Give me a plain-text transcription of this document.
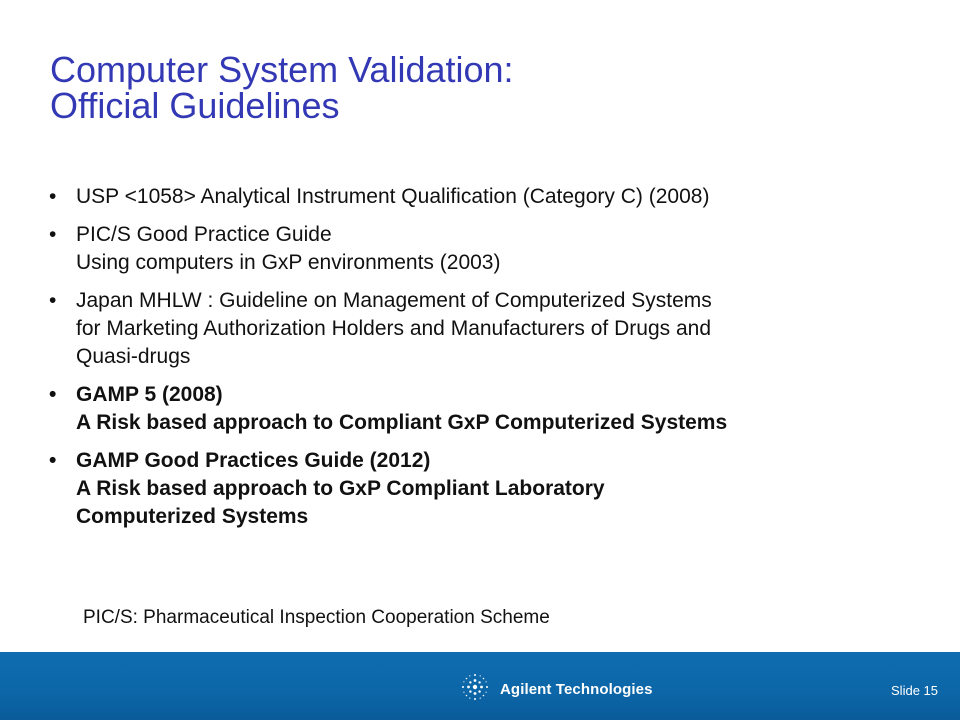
Computer System Validation:
Official Guidelines
• USP <1058> Analytical Instrument Qualification (Category C) (2008)
• PIC/S Good Practice Guide
Using computers in GxP environments (2003)
• Japan MHLW : Guideline on Management of Computerized Systems
for Marketing Authorization Holders and Manufacturers of Drugs and
Quasi-drugs
• GAMP 5 (2008)
A Risk based approach to Compliant GxP Computerized Systems
• GAMP Good Practices Guide (2012)
A Risk based approach to GxP Compliant Laboratory
Computerized Systems
PIC/S: Pharmaceutical Inspection Cooperation Scheme
Agilent Technologies	Slide 15
